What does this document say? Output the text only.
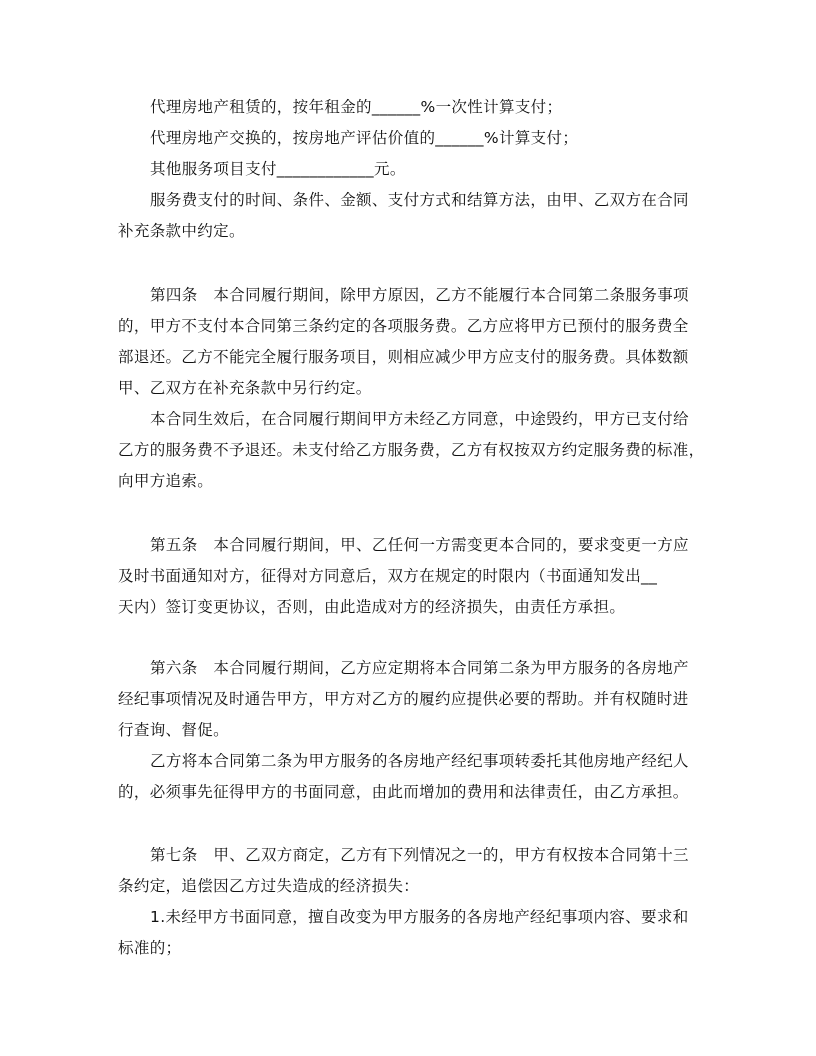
代理房地产租赁的，按年租金的______%一次性计算支付；
代理房地产交换的，按房地产评估价值的______%计算支付；
其他服务项目支付____________元。
服务费支付的时间、条件、金额、支付方式和结算方法，由甲、乙双方在合同
补充条款中约定。
第四条　本合同履行期间，除甲方原因，乙方不能履行本合同第二条服务事项
的，甲方不支付本合同第三条约定的各项服务费。乙方应将甲方已预付的服务费全
部退还。乙方不能完全履行服务项目，则相应减少甲方应支付的服务费。具体数额
甲、乙双方在补充条款中另行约定。
本合同生效后，在合同履行期间甲方未经乙方同意，中途毁约，甲方已支付给
乙方的服务费不予退还。未支付给乙方服务费，乙方有权按双方约定服务费的标准，
向甲方追索。
第五条　本合同履行期间，甲、乙任何一方需变更本合同的，要求变更一方应
及时书面通知对方，征得对方同意后，双方在规定的时限内（书面通知发出__
天内）签订变更协议，否则，由此造成对方的经济损失，由责任方承担。
第六条　本合同履行期间，乙方应定期将本合同第二条为甲方服务的各房地产
经纪事项情况及时通告甲方，甲方对乙方的履约应提供必要的帮助。并有权随时进
行查询、督促。
乙方将本合同第二条为甲方服务的各房地产经纪事项转委托其他房地产经纪人
的，必须事先征得甲方的书面同意，由此而增加的费用和法律责任，由乙方承担。
第七条　甲、乙双方商定，乙方有下列情况之一的，甲方有权按本合同第十三
条约定，追偿因乙方过失造成的经济损失：
1.未经甲方书面同意，擅自改变为甲方服务的各房地产经纪事项内容、要求和
标准的；
